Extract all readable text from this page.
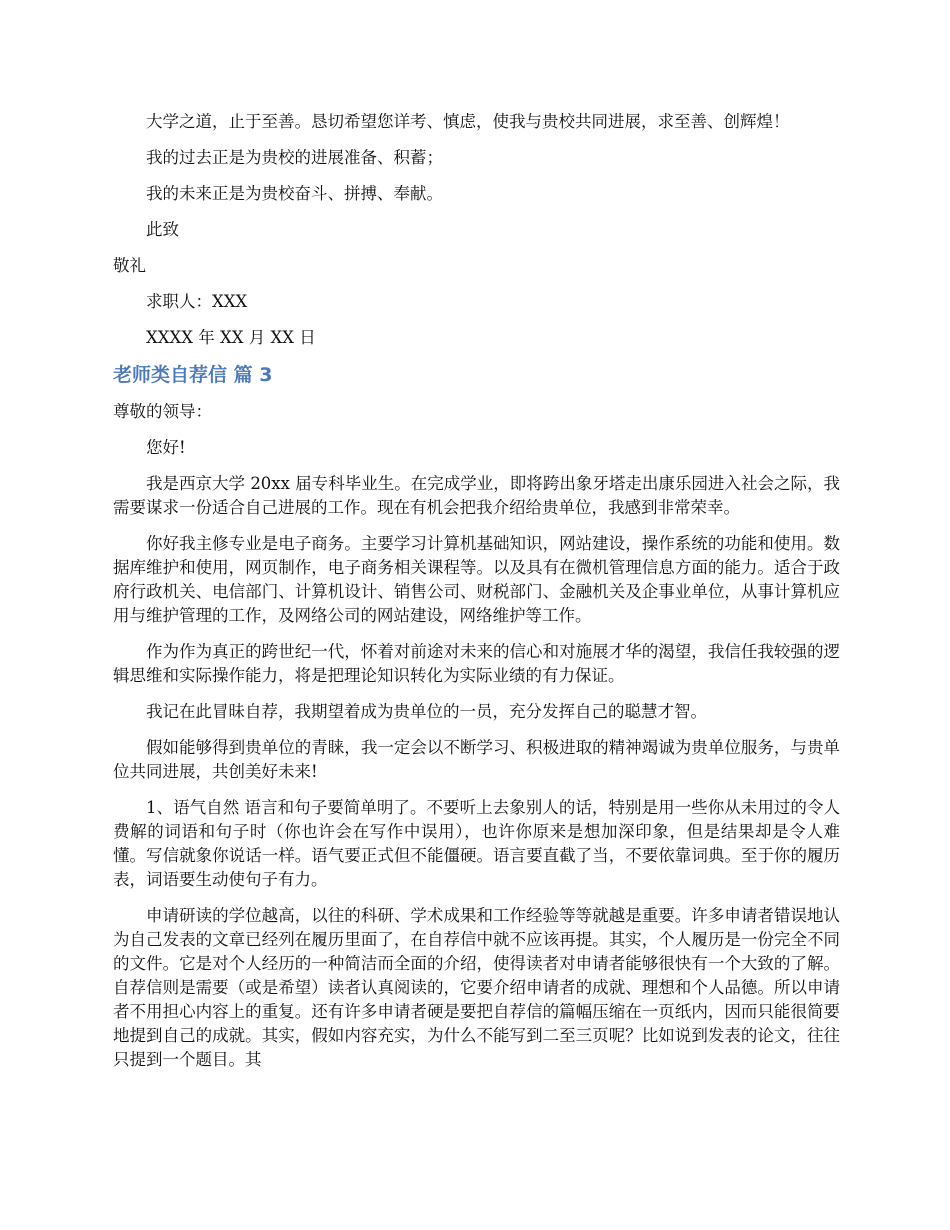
大学之道，止于至善。恳切希望您详考、慎虑，使我与贵校共同进展，求至善、创辉煌！

我的过去正是为贵校的进展准备、积蓄；

我的未来正是为贵校奋斗、拼搏、奉献。

此致

敬礼

求职人：XXX

XXXX 年 XX 月 XX 日

老师类自荐信 篇 3

尊敬的领导：

您好!

我是西京大学 20xx 届专科毕业生。在完成学业，即将跨出象牙塔走出康乐园进入社会之际，我需要谋求一份适合自己进展的工作。现在有机会把我介绍给贵单位，我感到非常荣幸。

你好我主修专业是电子商务。主要学习计算机基础知识，网站建设，操作系统的功能和使用。数据库维护和使用，网页制作，电子商务相关课程等。以及具有在微机管理信息方面的能力。适合于政府行政机关、电信部门、计算机设计、销售公司、财税部门、金融机关及企事业单位，从事计算机应用与维护管理的工作，及网络公司的网站建设，网络维护等工作。

作为作为真正的跨世纪一代，怀着对前途对未来的信心和对施展才华的渴望，我信任我较强的逻辑思维和实际操作能力，将是把理论知识转化为实际业绩的有力保证。

我记在此冒昧自荐，我期望着成为贵单位的一员，充分发挥自己的聪慧才智。

假如能够得到贵单位的青睐，我一定会以不断学习、积极进取的精神竭诚为贵单位服务，与贵单位共同进展，共创美好未来!

1、语气自然 语言和句子要简单明了。不要听上去象别人的话，特别是用一些你从未用过的令人费解的词语和句子时（你也许会在写作中误用），也许你原来是想加深印象，但是结果却是令人难懂。写信就象你说话一样。语气要正式但不能僵硬。语言要直截了当，不要依靠词典。至于你的履历表，词语要生动使句子有力。

申请研读的学位越高，以往的科研、学术成果和工作经验等等就越是重要。许多申请者错误地认为自己发表的文章已经列在履历里面了，在自荐信中就不应该再提。其实，个人履历是一份完全不同的文件。它是对个人经历的一种简洁而全面的介绍，使得读者对申请者能够很快有一个大致的了解。自荐信则是需要（或是希望）读者认真阅读的，它要介绍申请者的成就、理想和个人品德。所以申请者不用担心内容上的重复。还有许多申请者硬是要把自荐信的篇幅压缩在一页纸内，因而只能很简要地提到自己的成就。其实，假如内容充实，为什么不能写到二至三页呢？比如说到发表的论文，往往只提到一个题目。其
